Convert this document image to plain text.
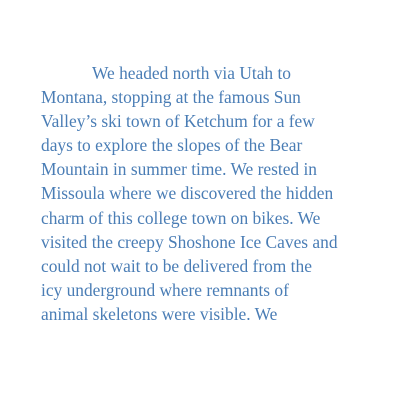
We headed north via Utah to
Montana, stopping at the famous Sun
Valley’s ski town of Ketchum for a few
days to explore the slopes of the Bear
Mountain in summer time. We rested in
Missoula where we discovered the hidden
charm of this college town on bikes. We
visited the creepy Shoshone Ice Caves and
could not wait to be delivered from the
icy underground where remnants of
animal skeletons were visible. We
